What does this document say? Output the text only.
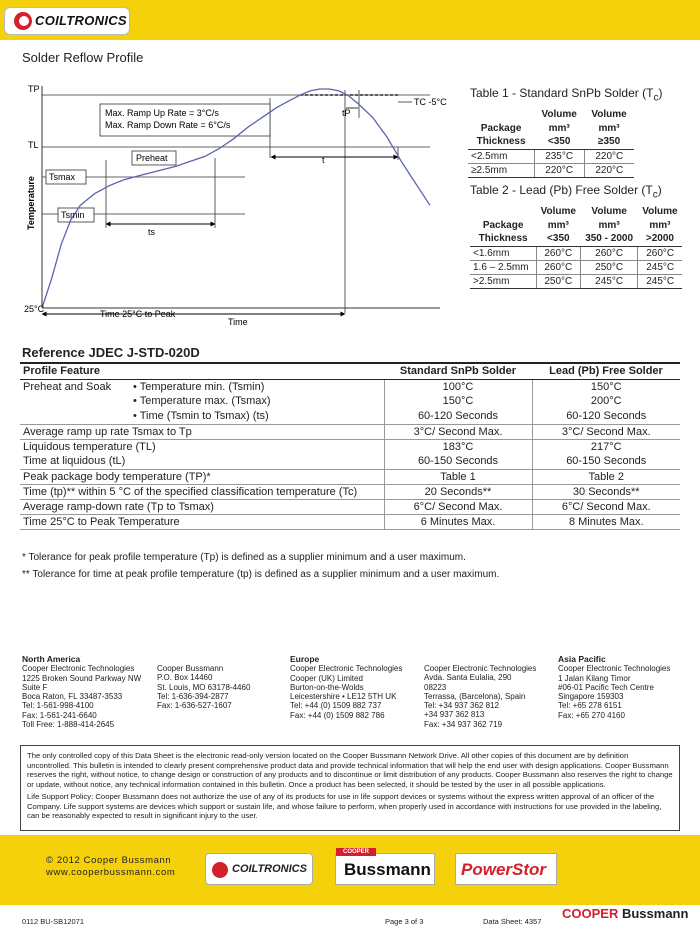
COILTRONICS
Solder Reflow Profile
TP
TL
25°C
Tsmax
Tsmin
Max. Ramp Up Rate = 3°C/s
Max. Ramp Down Rate = 6°C/s
Preheat
ts
t
tP
TC -5°C
Time 25°C to Peak
Time
Temperature
Table 1 - Standard SnPb Solder $(T_c)$
	Volume	Volume
Package	mm³	mm³
Thickness	<350	≥350
<2.5mm	235°C	220°C
≥2.5mm	220°C	220°C
Table 2 - Lead (Pb) Free Solder $(T_c)$
	Volume	Volume	Volume
Package	mm³	mm³	mm³
Thickness	<350	350 - 2000	>2000
<1.6mm	260°C	260°C	260°C
1.6 – 2.5mm	260°C	250°C	245°C
>2.5mm	250°C	245°C	245°C
Reference JDEC J-STD-020D
Profile Feature		Standard SnPb Solder	Lead (Pb) Free Solder
Preheat and Soak	• Temperature min. (Tsmin)	100°C	150°C
	• Temperature max. (Tsmax)	150°C	200°C
	• Time (Tsmin to Tsmax) (ts)	60-120 Seconds	60-120 Seconds
Average ramp up rate Tsmax to Tp		3°C/ Second Max.	3°C/ Second Max.
Liquidous temperature (TL)		183°C	217°C
Time at liquidous (tL)		60-150 Seconds	60-150 Seconds
Peak package body temperature (TP)*		Table 1	Table 2
Time (tp)** within 5 °C of the specified classification temperature (Tc)		20 Seconds**	30 Seconds**
Average ramp-down rate (Tp to Tsmax)		6°C/ Second Max.	6°C/ Second Max.
Time 25°C to Peak Temperature		6 Minutes Max.	8 Minutes Max.
* Tolerance for peak profile temperature (Tp) is defined as a supplier minimum and a user maximum.
** Tolerance for time at peak profile temperature (tp) is defined as a supplier minimum and a user maximum.
North America
Cooper Electronic Technologies
1225 Broken Sound Parkway NW
Suite F
Boca Raton, FL 33487-3533
Tel: 1-561-998-4100
Fax: 1-561-241-6640
Toll Free: 1-888-414-2645
Cooper Bussmann
P.O. Box 14460
St. Louis, MO 63178-4460
Tel: 1-636-394-2877
Fax: 1-636-527-1607
Europe
Cooper Electronic Technologies
Cooper (UK) Limited
Burton-on-the-Wolds
Leicestershire • LE12 5TH UK
Tel: +44 (0) 1509 882 737
Fax: +44 (0) 1509 882 786
Cooper Electronic Technologies
Avda. Santa Eulalia, 290
08223
Terrassa, (Barcelona), Spain
Tel: +34 937 362 812
+34 937 362 813
Fax: +34 937 362 719
Asia Pacific
Cooper Electronic Technologies
1 Jalan Kilang Timor
#06-01 Pacific Tech Centre
Singapore 159303
Tel: +65 278 6151
Fax: +65 270 4160

The only controlled copy of this Data Sheet is the electronic read-only version located on the Cooper Bussmann Network Drive. All other copies of this document are by definition uncontrolled. This bulletin is intended to clearly present comprehensive product data and provide technical information that will help the end user with design applications. Cooper Bussmann reserves the right, without notice, to change design or construction of any products and to discontinue or limit distribution of any products. Cooper Bussmann also reserves the right to change or update, without notice, any technical information contained in this bulletin. Once a product has been selected, it should be tested by the user in all possible applications.

Life Support Policy: Cooper Bussmann does not authorize the use of any of its products for use in life support devices or systems without the express written approval of an officer of the Company. Life support systems are devices which support or sustain life, and whose failure to perform, when properly used in accordance with instructions for use provided in the labeling, can be reasonably expected to result in significant injury to the user.

© 2012 Cooper Bussmann
www.cooperbussmann.com	COILTRONICS
COOPER
Bussmann PowerStor
0112 BU-SB12071	Page 3 of 3	Data Sheet: 4357
COOPER Bussmann
